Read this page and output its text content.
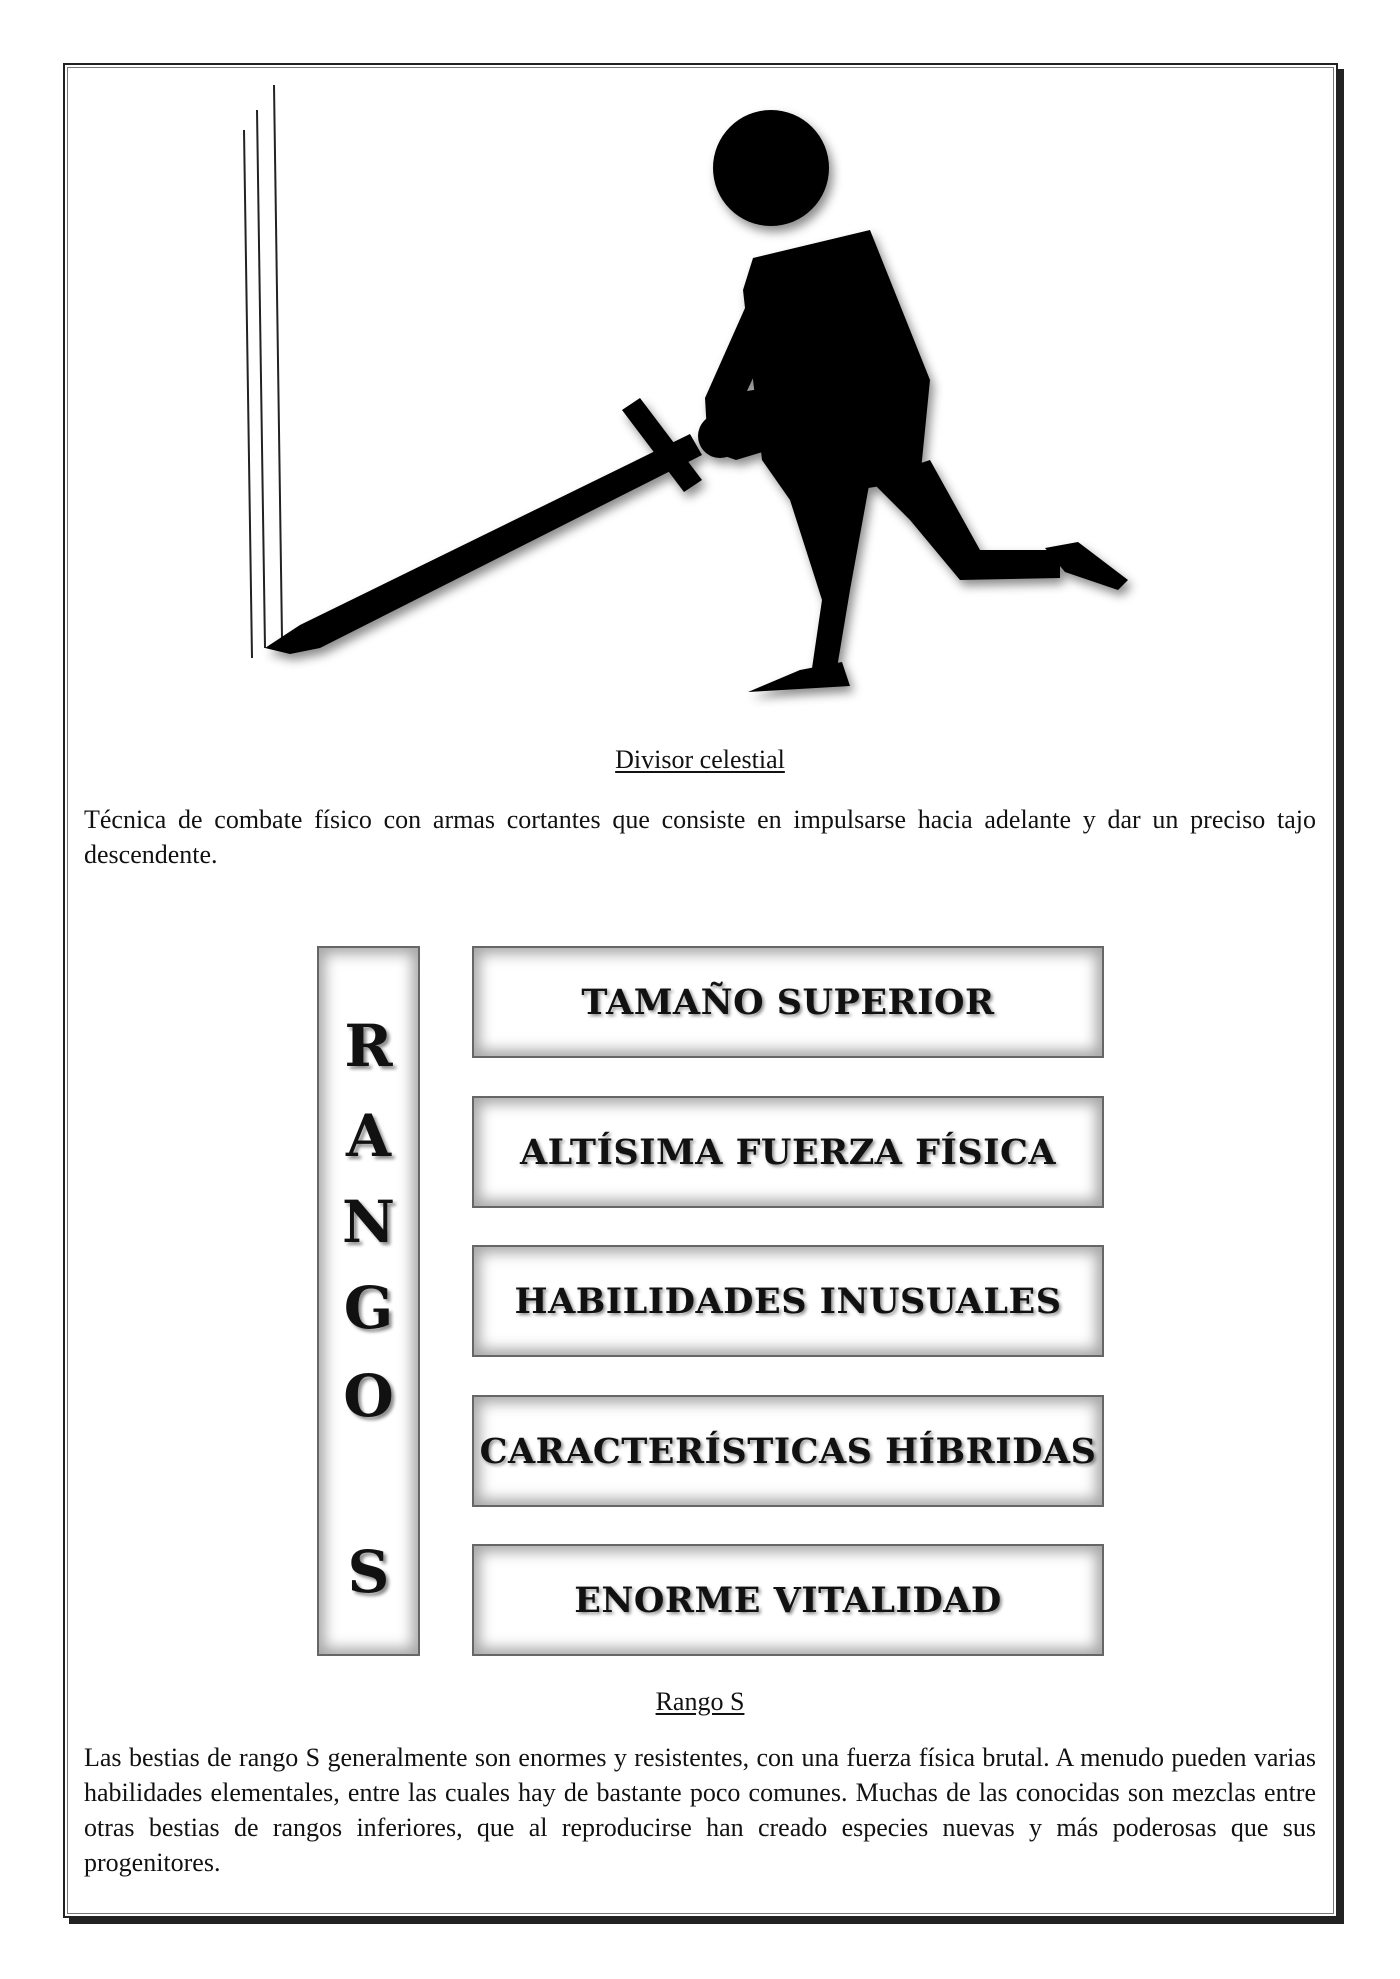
Divisor celestial

Técnica de combate físico con armas cortantes que consiste en impulsarse hacia adelante y dar un preciso tajo descendente.

R
A
N
G
O
S
TAMAÑO SUPERIOR
ALTÍSIMA FUERZA FÍSICA
HABILIDADES INUSUALES
CARACTERÍSTICAS HÍBRIDAS
ENORME VITALIDAD
Rango S

Las bestias de rango S generalmente son enormes y resistentes, con una fuerza física brutal. A menudo pueden varias habilidades elementales, entre las cuales hay de bastante poco comunes. Muchas de las conocidas son mezclas entre otras bestias de rangos inferiores, que al reproducirse han creado especies nuevas y más poderosas que sus progenitores.
